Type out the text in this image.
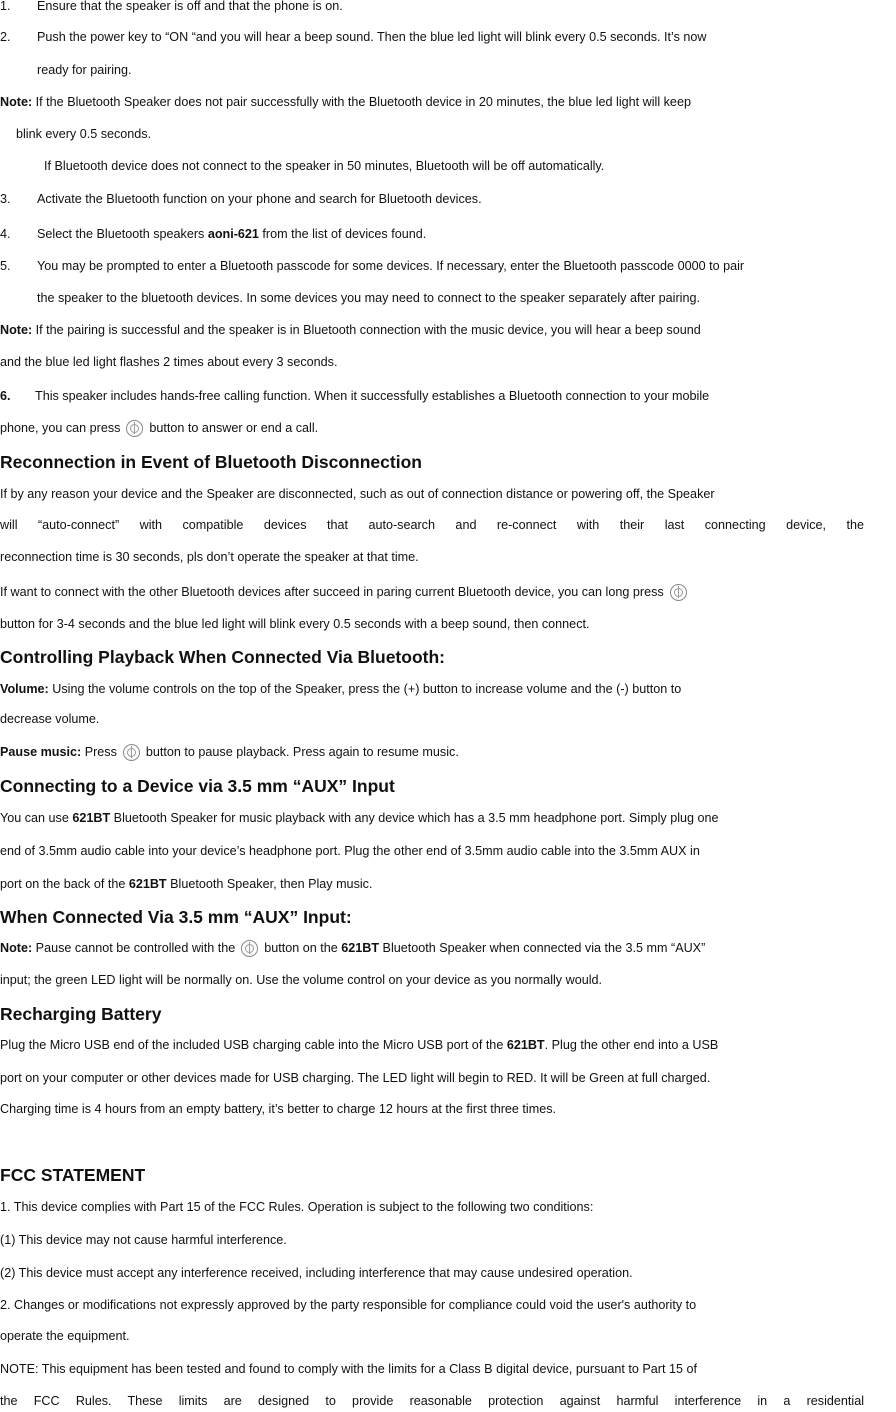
1. Ensure that the speaker is off and that the phone is on.
2. Push the power key to “ON “and you will hear a beep sound. Then the blue led light will blink every 0.5 seconds. It’s now
ready for pairing.
Note: If the Bluetooth Speaker does not pair successfully with the Bluetooth device in 20 minutes, the blue led light will keep
blink every 0.5 seconds.
If Bluetooth device does not connect to the speaker in 50 minutes, Bluetooth will be off automatically.
3. Activate the Bluetooth function on your phone and search for Bluetooth devices.
4. Select the Bluetooth speakers aoni-621 from the list of devices found.
5. You may be prompted to enter a Bluetooth passcode for some devices. If necessary, enter the Bluetooth passcode 0000 to pair
the speaker to the bluetooth devices. In some devices you may need to connect to the speaker separately after pairing.
Note: If the pairing is successful and the speaker is in Bluetooth connection with the music device, you will hear a beep sound
and the blue led light flashes 2 times about every 3 seconds.
6. This speaker includes hands-free calling function. When it successfully establishes a Bluetooth connection to your mobile
phone, you can press button to answer or end a call.
Reconnection in Event of Bluetooth Disconnection
If by any reason your device and the Speaker are disconnected, such as out of connection distance or powering off, the Speaker
will “auto-connect” with compatible devices that auto-search and re-connect with their last connecting device, the
reconnection time is 30 seconds, pls don’t operate the speaker at that time.
If want to connect with the other Bluetooth devices after succeed in paring current Bluetooth device, you can long press
button for 3-4 seconds and the blue led light will blink every 0.5 seconds with a beep sound, then connect.
Controlling Playback When Connected Via Bluetooth:
Volume: Using the volume controls on the top of the Speaker, press the (+) button to increase volume and the (-) button to
decrease volume.
Pause music: Press button to pause playback. Press again to resume music.
Connecting to a Device via 3.5 mm “AUX” Input
You can use 621BT Bluetooth Speaker for music playback with any device which has a 3.5 mm headphone port. Simply plug one
end of 3.5mm audio cable into your device’s headphone port. Plug the other end of 3.5mm audio cable into the 3.5mm AUX in
port on the back of the 621BT Bluetooth Speaker, then Play music.
When Connected Via 3.5 mm “AUX” Input:
Note: Pause cannot be controlled with the button on the 621BT Bluetooth Speaker when connected via the 3.5 mm “AUX”
input; the green LED light will be normally on. Use the volume control on your device as you normally would.
Recharging Battery
Plug the Micro USB end of the included USB charging cable into the Micro USB port of the 621BT. Plug the other end into a USB
port on your computer or other devices made for USB charging. The LED light will begin to RED. It will be Green at full charged.
Charging time is 4 hours from an empty battery, it’s better to charge 12 hours at the first three times.
FCC STATEMENT
1. This device complies with Part 15 of the FCC Rules. Operation is subject to the following two conditions:
(1) This device may not cause harmful interference.
(2) This device must accept any interference received, including interference that may cause undesired operation.
2. Changes or modifications not expressly approved by the party responsible for compliance could void the user's authority to
operate the equipment.
NOTE: This equipment has been tested and found to comply with the limits for a Class B digital device, pursuant to Part 15 of
the FCC Rules. These limits are designed to provide reasonable protection against harmful interference in a residential
